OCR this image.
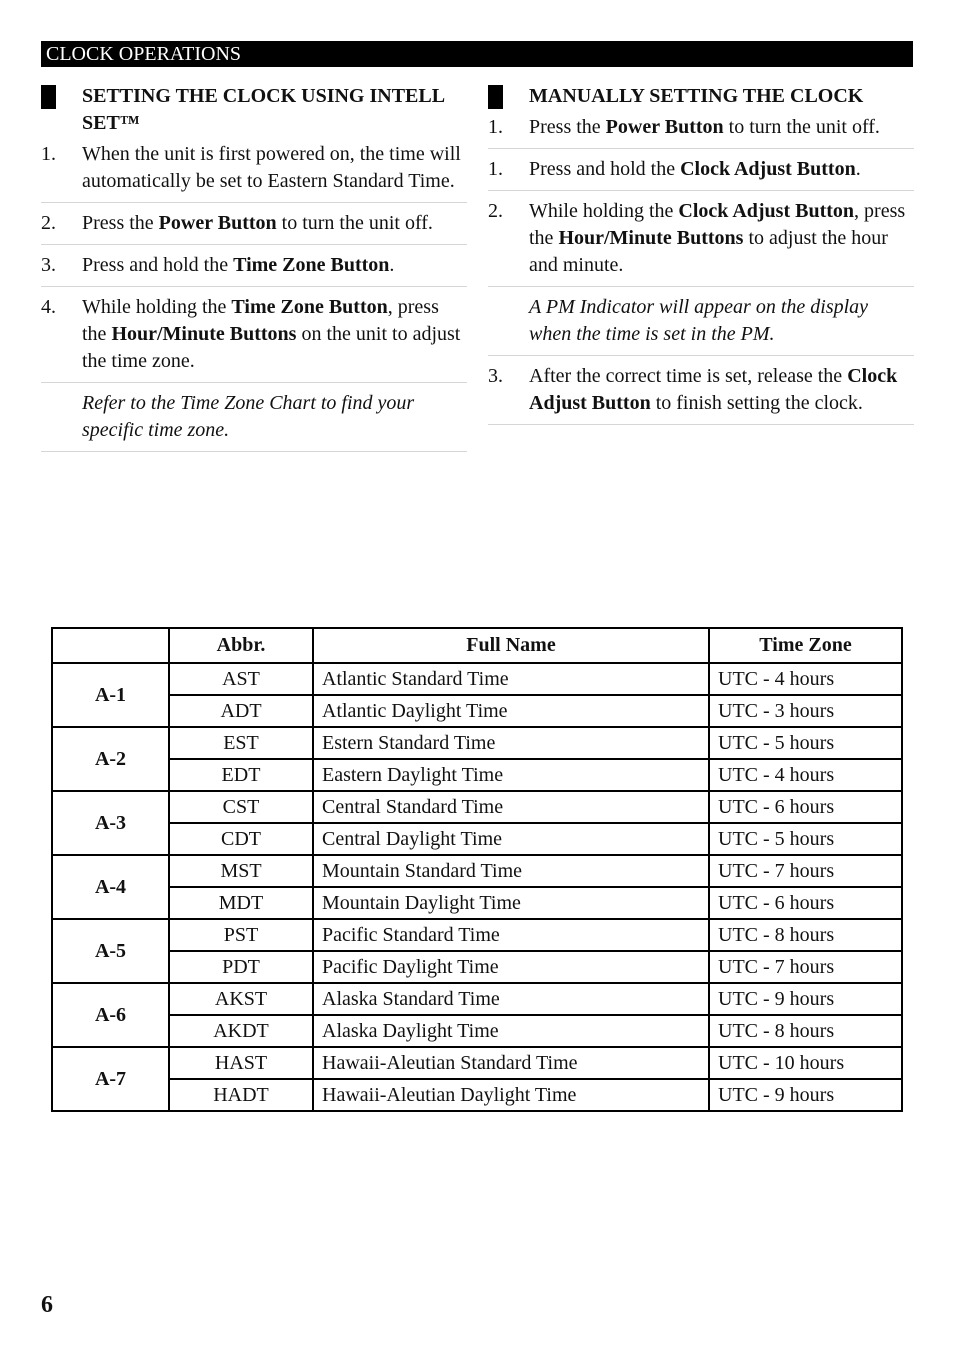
CLOCK OPERATIONS
SETTING THE CLOCK USING INTELL SET™
1. When the unit is first powered on, the time will automatically be set to Eastern Standard Time.
2. Press the Power Button to turn the unit off.
3. Press and hold the Time Zone Button.
4. While holding the Time Zone Button, press the Hour/Minute Buttons on the unit to adjust the time zone.
Refer to the Time Zone Chart to find your specific time zone.
MANUALLY SETTING THE CLOCK
1. Press the Power Button to turn the unit off.
1. Press and hold the Clock Adjust Button.
2. While holding the Clock Adjust Button, press the Hour/Minute Buttons to adjust the hour and minute.
A PM Indicator will appear on the display when the time is set in the PM.
3. After the correct time is set, release the Clock Adjust Button to finish setting the clock.
	Abbr.	Full Name	Time Zone
A-1	AST	Atlantic Standard Time	UTC - 4 hours
	ADT	Atlantic Daylight Time	UTC - 3 hours
A-2	EST	Estern Standard Time	UTC - 5 hours
	EDT	Eastern Daylight Time	UTC - 4 hours
A-3	CST	Central Standard Time	UTC - 6 hours
	CDT	Central Daylight Time	UTC - 5 hours
A-4	MST	Mountain Standard Time	UTC - 7 hours
	MDT	Mountain Daylight Time	UTC - 6 hours
A-5	PST	Pacific Standard Time	UTC - 8 hours
	PDT	Pacific Daylight Time	UTC - 7 hours
A-6	AKST	Alaska Standard Time	UTC - 9 hours
	AKDT	Alaska Daylight Time	UTC - 8 hours
A-7	HAST	Hawaii-Aleutian Standard Time	UTC - 10 hours
	HADT	Hawaii-Aleutian Daylight Time	UTC - 9 hours
6
